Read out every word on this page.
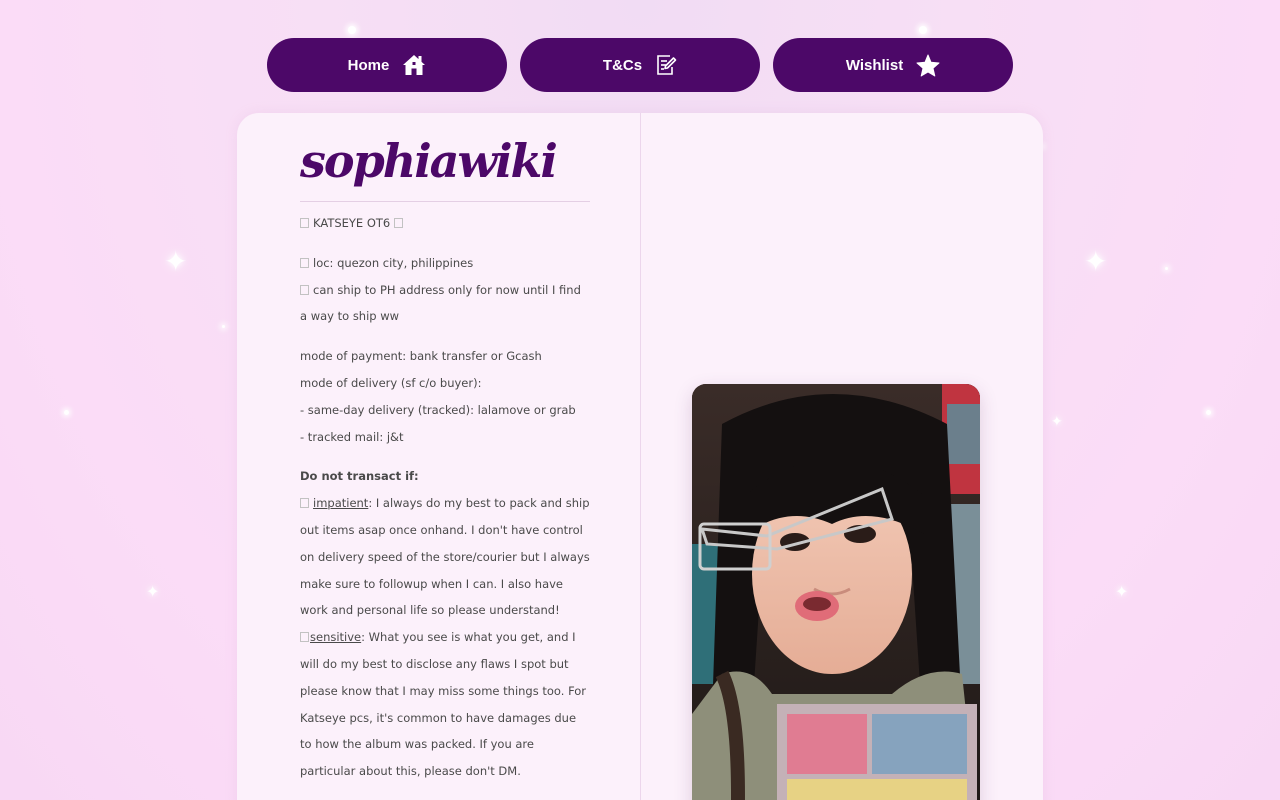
✦	✦
✦	✦
✦
Home	T&Cs	Wishlist
sophiawiki

KATSEYE OT6

loc: quezon city, philippines

can ship to PH address only for now until I find a way to ship ww

mode of payment: bank transfer or Gcash

mode of delivery (sf c/o buyer):

- same-day delivery (tracked): lalamove or grab

- tracked mail: j&t

Do not transact if:

impatient: I always do my best to pack and ship out items asap once onhand. I don't have control on delivery speed of the store/courier but I always make sure to followup when I can. I also have work and personal life so please understand!

sensitive: What you see is what you get, and I will do my best to disclose any flaws I spot but please know that I may miss some things too. For Katseye pcs, it's common to have damages due to how the album was packed. If you are particular about this, please don't DM.
